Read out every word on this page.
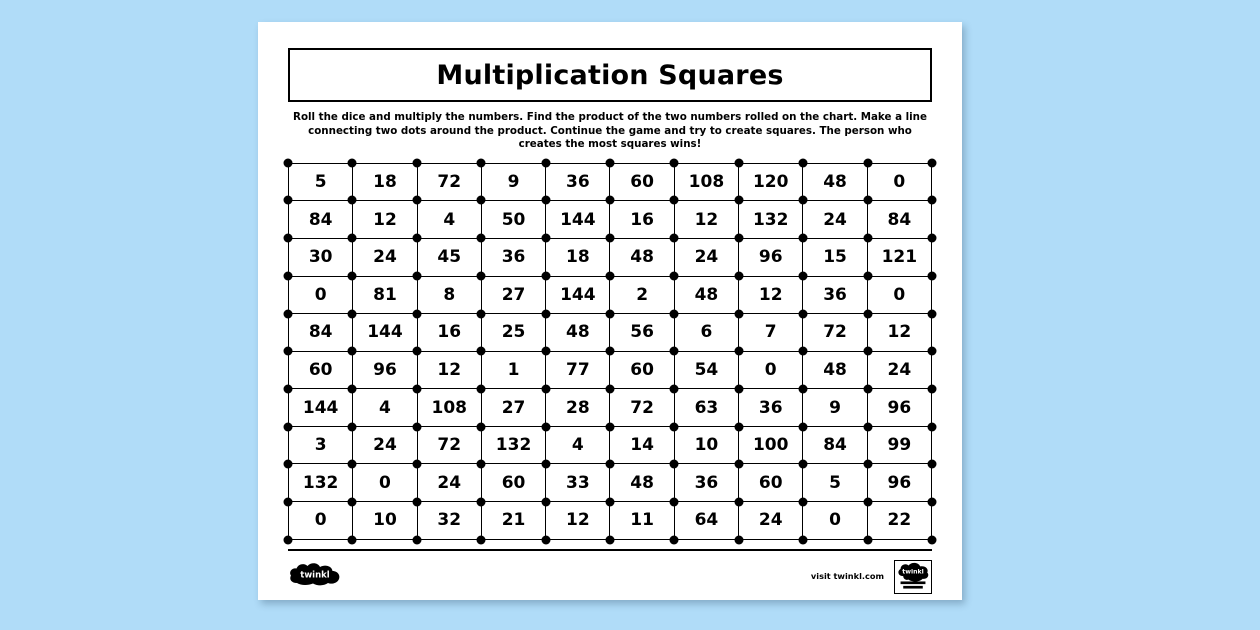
Multiplication Squares
Roll the dice and multiply the numbers. Find the product of the two numbers rolled on the chart. Make a line connecting two dots around the product. Continue the game and try to create squares. The person who creates the most squares wins!
5	18	72	9	36	60	108	120	48	0
84	12	4	50	144	16	12	132	24	84
30	24	45	36	18	48	24	96	15	121
0	81	8	27	144	2	48	12	36	0
84	144	16	25	48	56	6	7	72	12
60	96	12	1	77	60	54	0	48	24
144	4	108	27	28	72	63	36	9	96
3	24	72	132	4	14	10	100	84	99
132	0	24	60	33	48	36	60	5	96
0	10	32	21	12	11	64	24	0	22
twinkl	visit twinkl.com	twinkl
